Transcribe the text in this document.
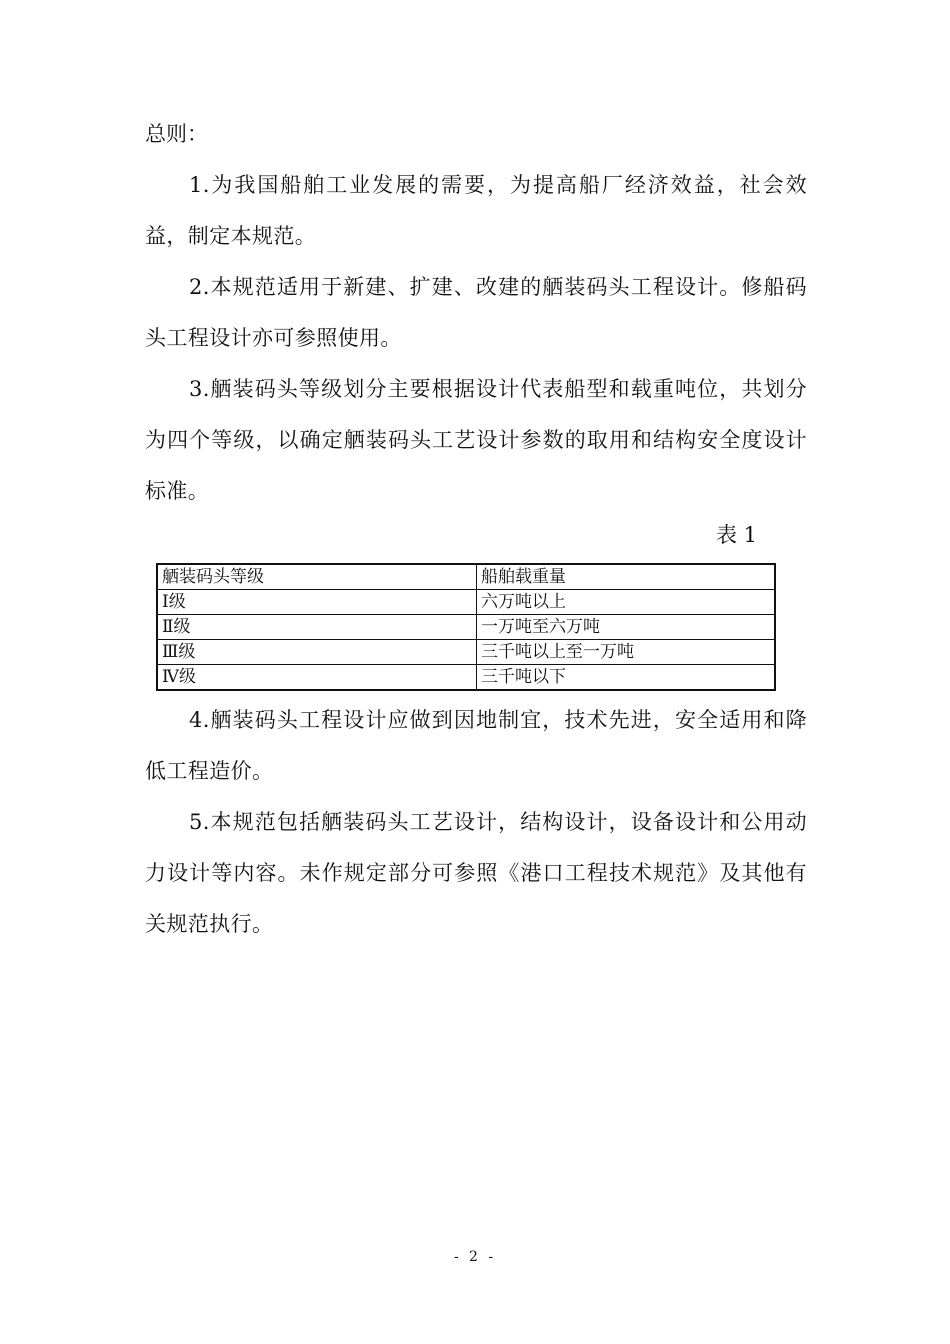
总则：

1.为我国船舶工业发展的需要，为提高船厂经济效益，社会效益，制定本规范。

2.本规范适用于新建、扩建、改建的舾装码头工程设计。修船码头工程设计亦可参照使用。

3.舾装码头等级划分主要根据设计代表船型和载重吨位，共划分为四个等级，以确定舾装码头工艺设计参数的取用和结构安全度设计标准。

表 1

舾装码头等级	船舶载重量
Ⅰ级	六万吨以上
Ⅱ级	一万吨至六万吨
Ⅲ级	三千吨以上至一万吨
Ⅳ级	三千吨以下

4.舾装码头工程设计应做到因地制宜，技术先进，安全适用和降低工程造价。

5.本规范包括舾装码头工艺设计，结构设计，设备设计和公用动力设计等内容。未作规定部分可参照《港口工程技术规范》及其他有关规范执行。

- 2 -
